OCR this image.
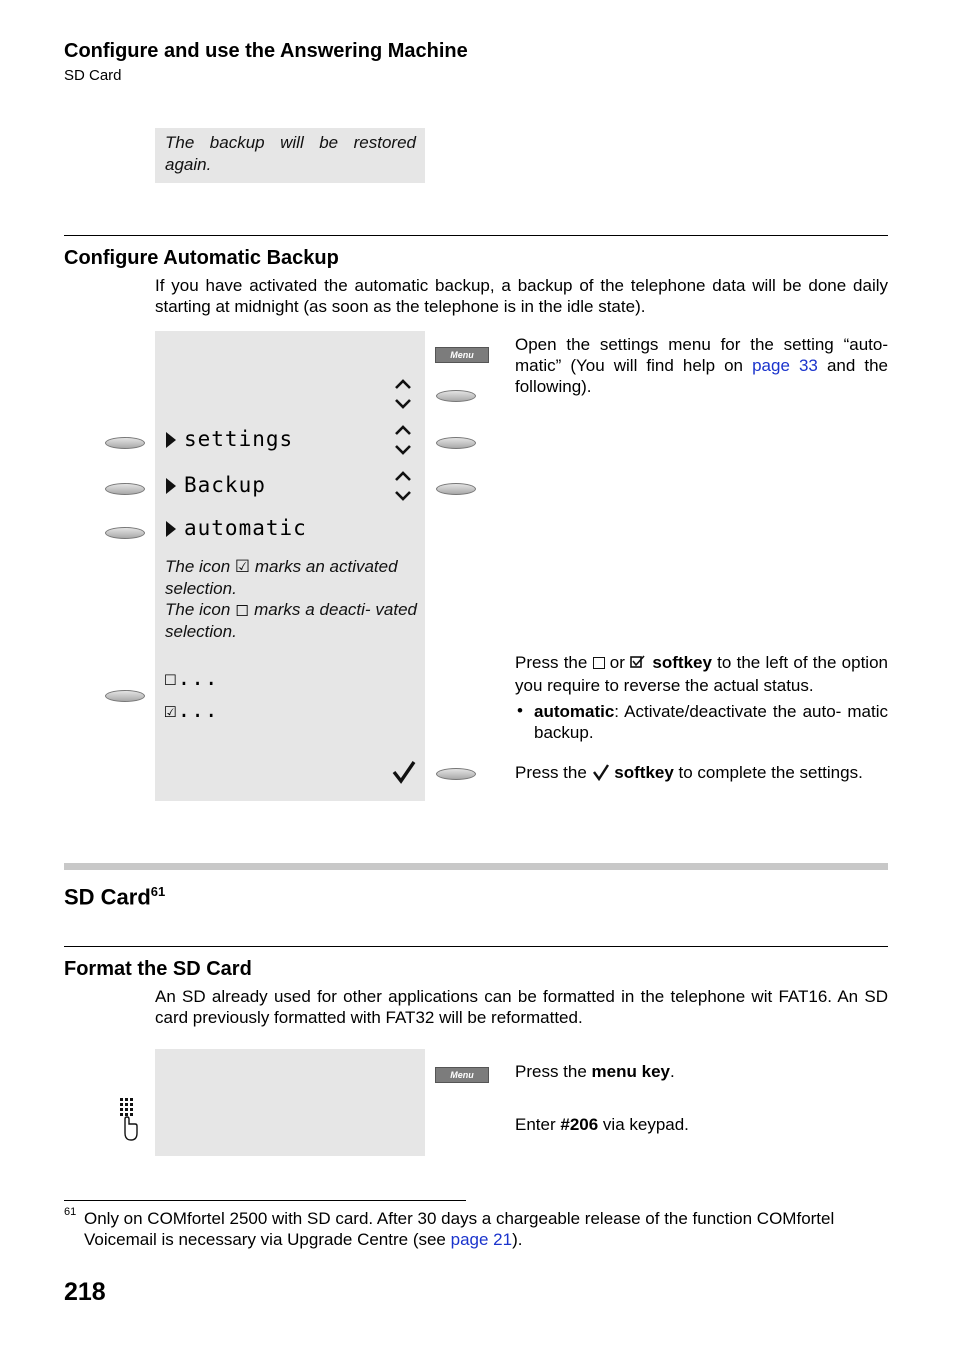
Configure and use the Answering Machine
SD Card
The backup will be restored again.
Configure Automatic Backup
If you have activated the automatic backup, a backup of the telephone data will be done daily starting at midnight (as soon as the telephone is in the idle state).
settings
Backup
automatic
The icon ☑ marks an activated selection.
The icon ◻ marks a deacti- vated selection.
☐...
☑...
Menu
Open the settings menu for the setting “auto- matic” (You will find help on page 33 and the following).
Press the  or  softkey to the left of the option you require to reverse the actual status.
• automatic: Activate/deactivate the auto- matic backup.
Press the  softkey to complete the settings.
SD Card$^{61}$
Format the SD Card
An SD already used for other applications can be formatted in the telephone wit FAT16. An SD card previously formatted with FAT32 will be reformatted.
Menu	Press the menu key.
Enter #206 via keypad.
61 Only on COMfortel 2500 with SD card. After 30 days a chargeable release of the function COMfortel Voicemail is necessary via Upgrade Centre (see page 21).
218
